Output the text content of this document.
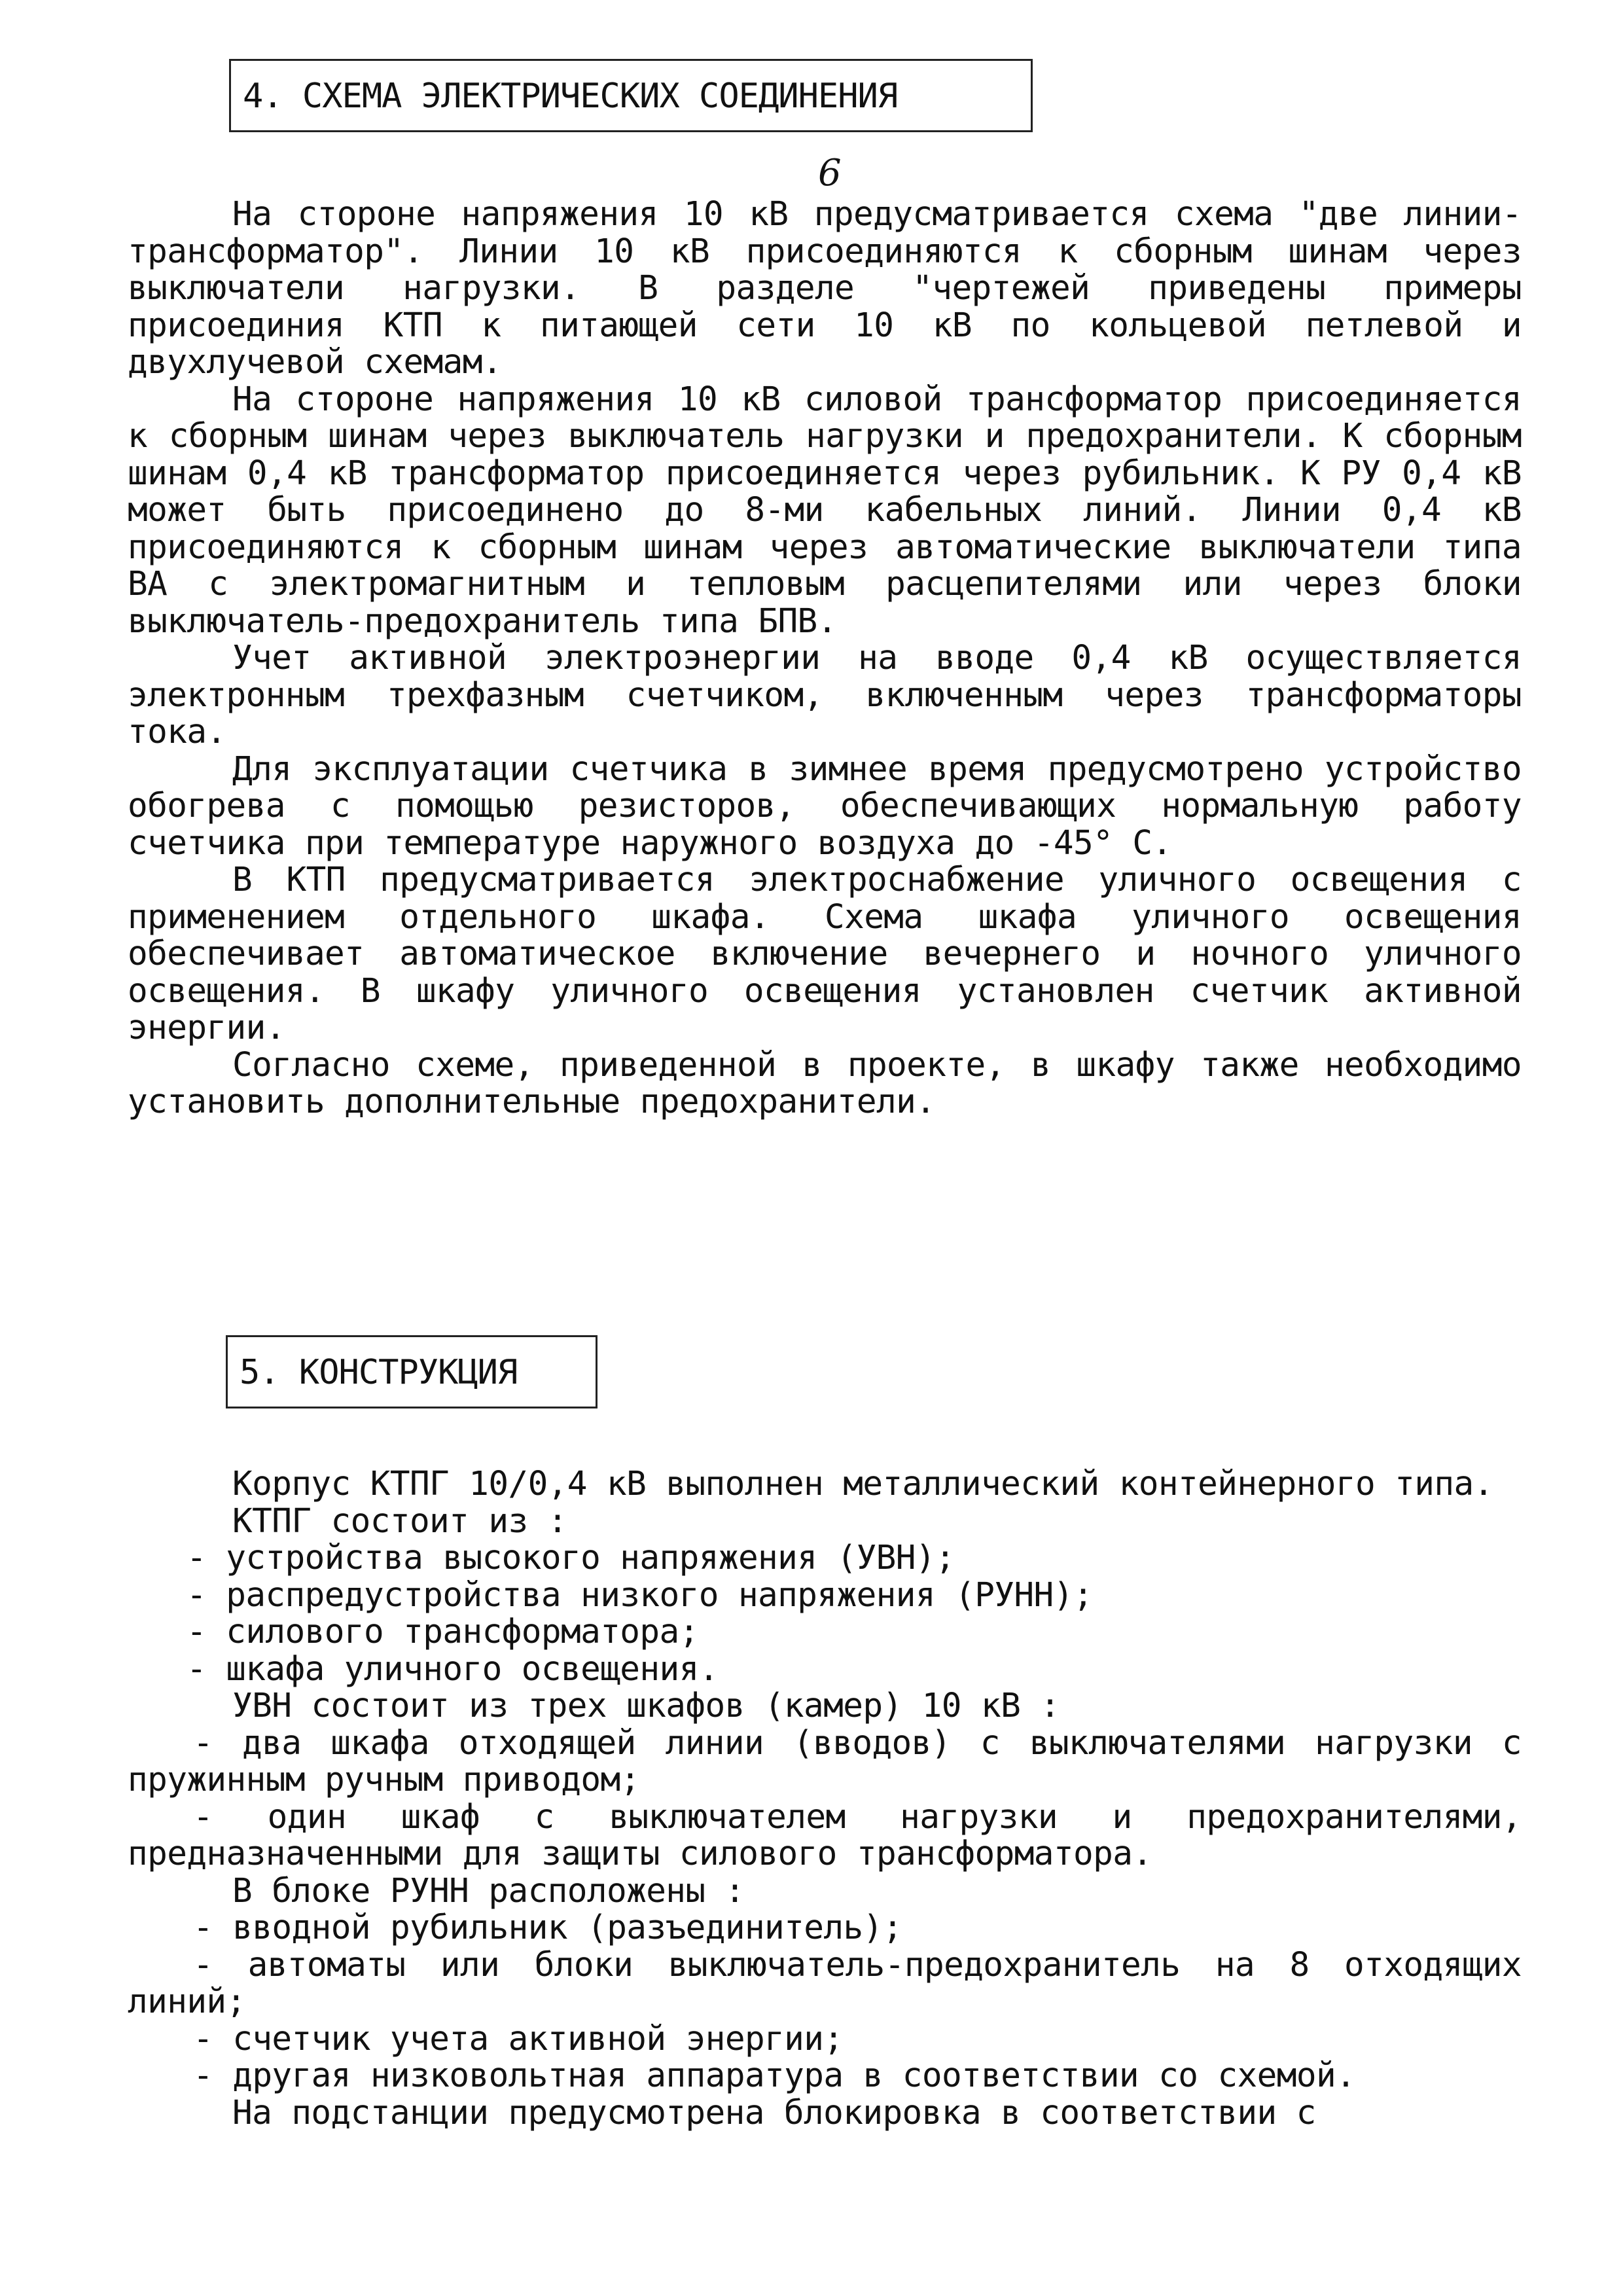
4. СХЕМА ЭЛЕКТРИЧЕСКИХ СОЕДИНЕНИЯ
6

На стороне напряжения 10 кВ предусматривается схема "две линии-трансформатор". Линии 10 кВ присоединяются к сборным шинам через выключатели нагрузки. В разделе "чертежей приведены примеры присоединия КТП к питающей сети 10 кВ по кольцевой петлевой и двухлучевой схемам.

На стороне напряжения 10 кВ силовой трансформатор присоединяется к сборным шинам через выключатель нагрузки и предохранители. К сборным шинам 0,4 кВ трансформатор присоединяется через рубильник. К РУ 0,4 кВ может быть присоединено до 8-ми кабельных линий. Линии 0,4 кВ присоединяются к сборным шинам через автоматические выключатели типа ВА с электромагнитным и тепловым расцепителями или через блоки выключатель-предохранитель типа БПВ.

Учет активной электроэнергии на вводе 0,4 кВ осуществляется электронным трехфазным счетчиком, включенным через трансформаторы тока.

Для эксплуатации счетчика в зимнее время предусмотрено устройство обогрева с помощью резисторов, обеспечивающих нормальную работу счетчика при температуре наружного воздуха до -45° С.

В КТП предусматривается электроснабжение уличного освещения с применением отдельного шкафа. Схема шкафа уличного освещения обеспечивает автоматическое включение вечернего и ночного уличного освещения. В шкафу уличного освещения установлен счетчик активной энергии.

Согласно схеме, приведенной в проекте, в шкафу также необходимо установить дополнительные предохранители.

5. КОНСТРУКЦИЯ

Корпус КТПГ 10/0,4 кВ выполнен металлический контейнерного типа.

КТПГ состоит из :

- устройства высокого напряжения (УВН);

- распредустройства низкого напряжения (РУНН);

- силового трансформатора;

- шкафа уличного освещения.

УВН состоит из трех шкафов (камер) 10 кВ :

- два шкафа отходящей линии (вводов) с выключателями нагрузки с пружинным ручным приводом;

- один шкаф с выключателем нагрузки и предохранителями, предназначенными для защиты силового трансформатора.

В блоке РУНН расположены :

- вводной рубильник (разъединитель);

- автоматы или блоки выключатель-предохранитель на 8 отходящих линий;

- счетчик учета активной энергии;

- другая низковольтная аппаратура в соответствии со схемой.

На подстанции предусмотрена блокировка в соответствии с
